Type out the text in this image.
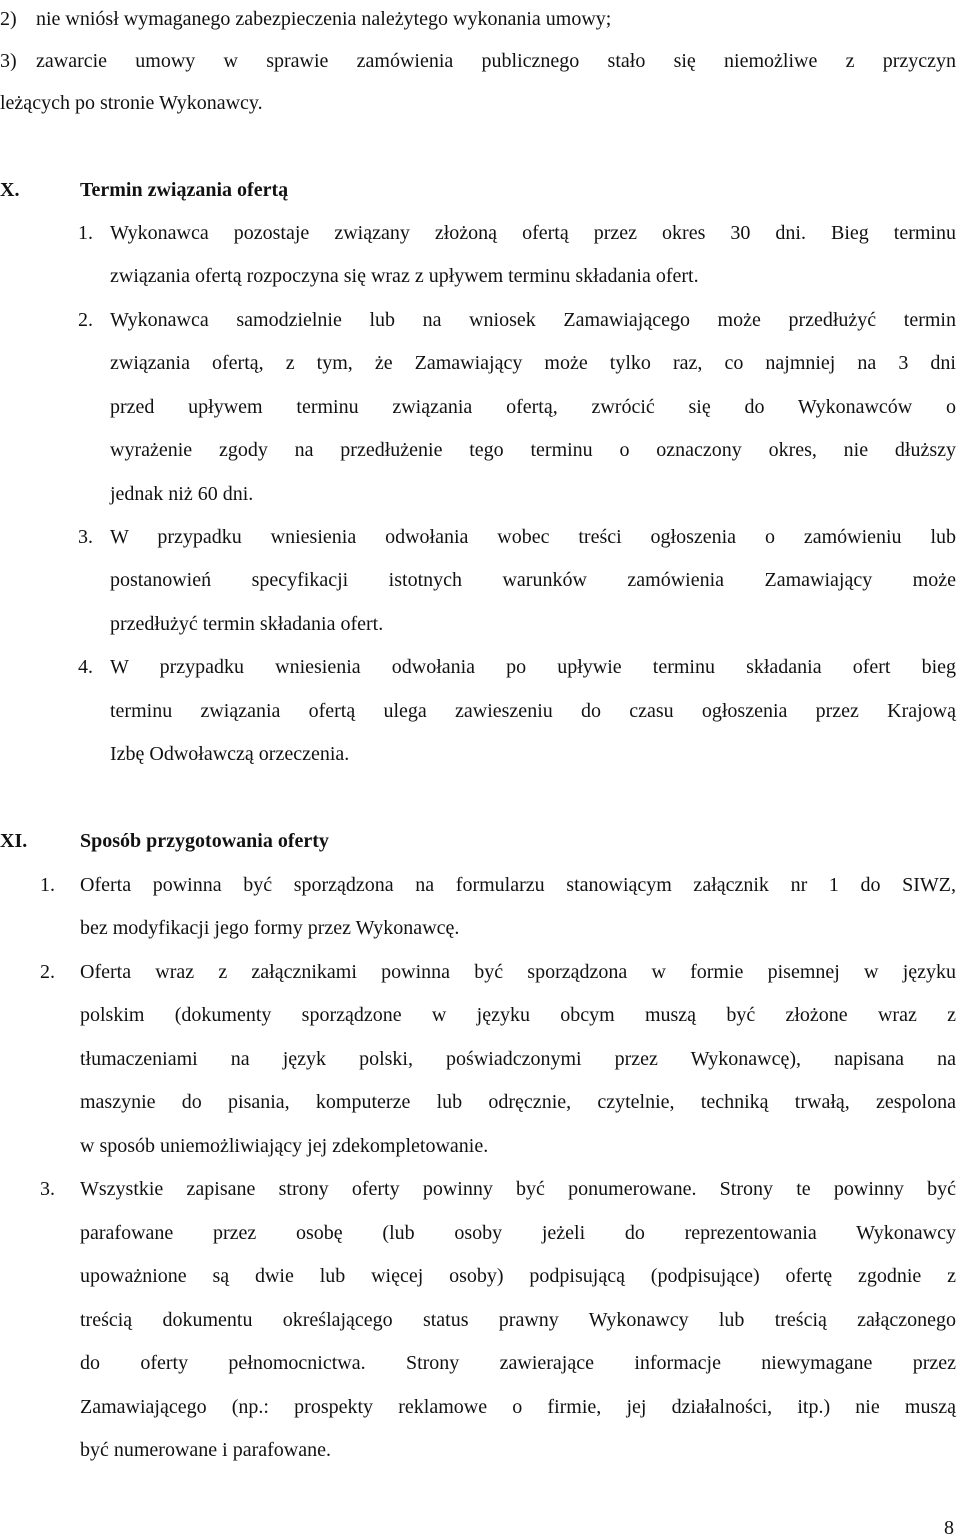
2) nie wniósł wymaganego zabezpieczenia należytego wykonania umowy;
3) zawarcie umowy w sprawie zamówienia publicznego stało się niemożliwe z przyczyn
leżących po stronie Wykonawcy.
X.	Termin związania ofertą
1. Wykonawca pozostaje związany złożoną ofertą przez okres 30 dni. Bieg terminu
związania ofertą rozpoczyna się wraz z upływem terminu składania ofert.
2. Wykonawca samodzielnie lub na wniosek Zamawiającego może przedłużyć termin
związania ofertą, z tym, że Zamawiający może tylko raz, co najmniej na 3 dni
przed upływem terminu związania ofertą, zwrócić się do Wykonawców o
wyrażenie zgody na przedłużenie tego terminu o oznaczony okres, nie dłuższy
jednak niż 60 dni.
3. W przypadku wniesienia odwołania wobec treści ogłoszenia o zamówieniu lub
postanowień specyfikacji istotnych warunków zamówienia Zamawiający może
przedłużyć termin składania ofert.
4. W przypadku wniesienia odwołania po upływie terminu składania ofert bieg
terminu związania ofertą ulega zawieszeniu do czasu ogłoszenia przez Krajową
Izbę Odwoławczą orzeczenia.
XI.	Sposób przygotowania oferty
1. Oferta powinna być sporządzona na formularzu stanowiącym załącznik nr 1 do SIWZ,
bez modyfikacji jego formy przez Wykonawcę.
2. Oferta wraz z załącznikami powinna być sporządzona w formie pisemnej w języku
polskim (dokumenty sporządzone w języku obcym muszą być złożone wraz z
tłumaczeniami na język polski, poświadczonymi przez Wykonawcę), napisana na
maszynie do pisania, komputerze lub odręcznie, czytelnie, techniką trwałą, zespolona
w sposób uniemożliwiający jej zdekompletowanie.
3. Wszystkie zapisane strony oferty powinny być ponumerowane. Strony te powinny być
parafowane przez osobę (lub osoby jeżeli do reprezentowania Wykonawcy
upoważnione są dwie lub więcej osoby) podpisującą (podpisujące) ofertę zgodnie z
treścią dokumentu określającego status prawny Wykonawcy lub treścią załączonego
do oferty pełnomocnictwa. Strony zawierające informacje niewymagane przez
Zamawiającego (np.: prospekty reklamowe o firmie, jej działalności, itp.) nie muszą
być numerowane i parafowane.
8
